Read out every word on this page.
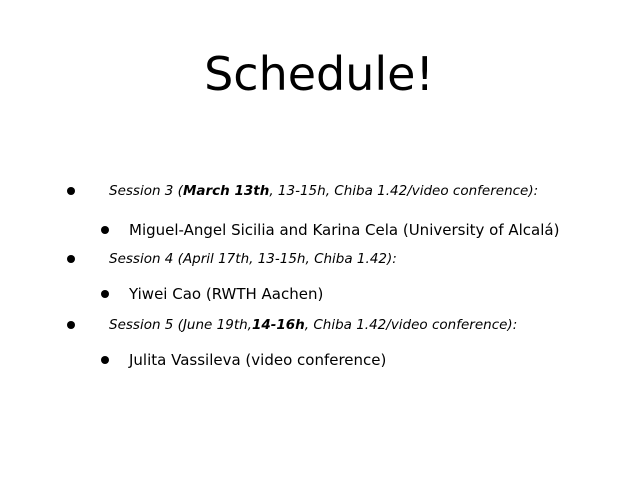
Schedule!
Session 3 ( March 13th , 13-15h, Chiba 1.42/video conference):
Miguel-Angel Sicilia and Karina Cela (University of Alcalá)
Session 4 (April 17th, 13-15h, Chiba 1.42):
Yiwei Cao (RWTH Aachen)
Session 5 (June 19th, 14-16h , Chiba 1.42/video conference):
Julita Vassileva (video conference)
